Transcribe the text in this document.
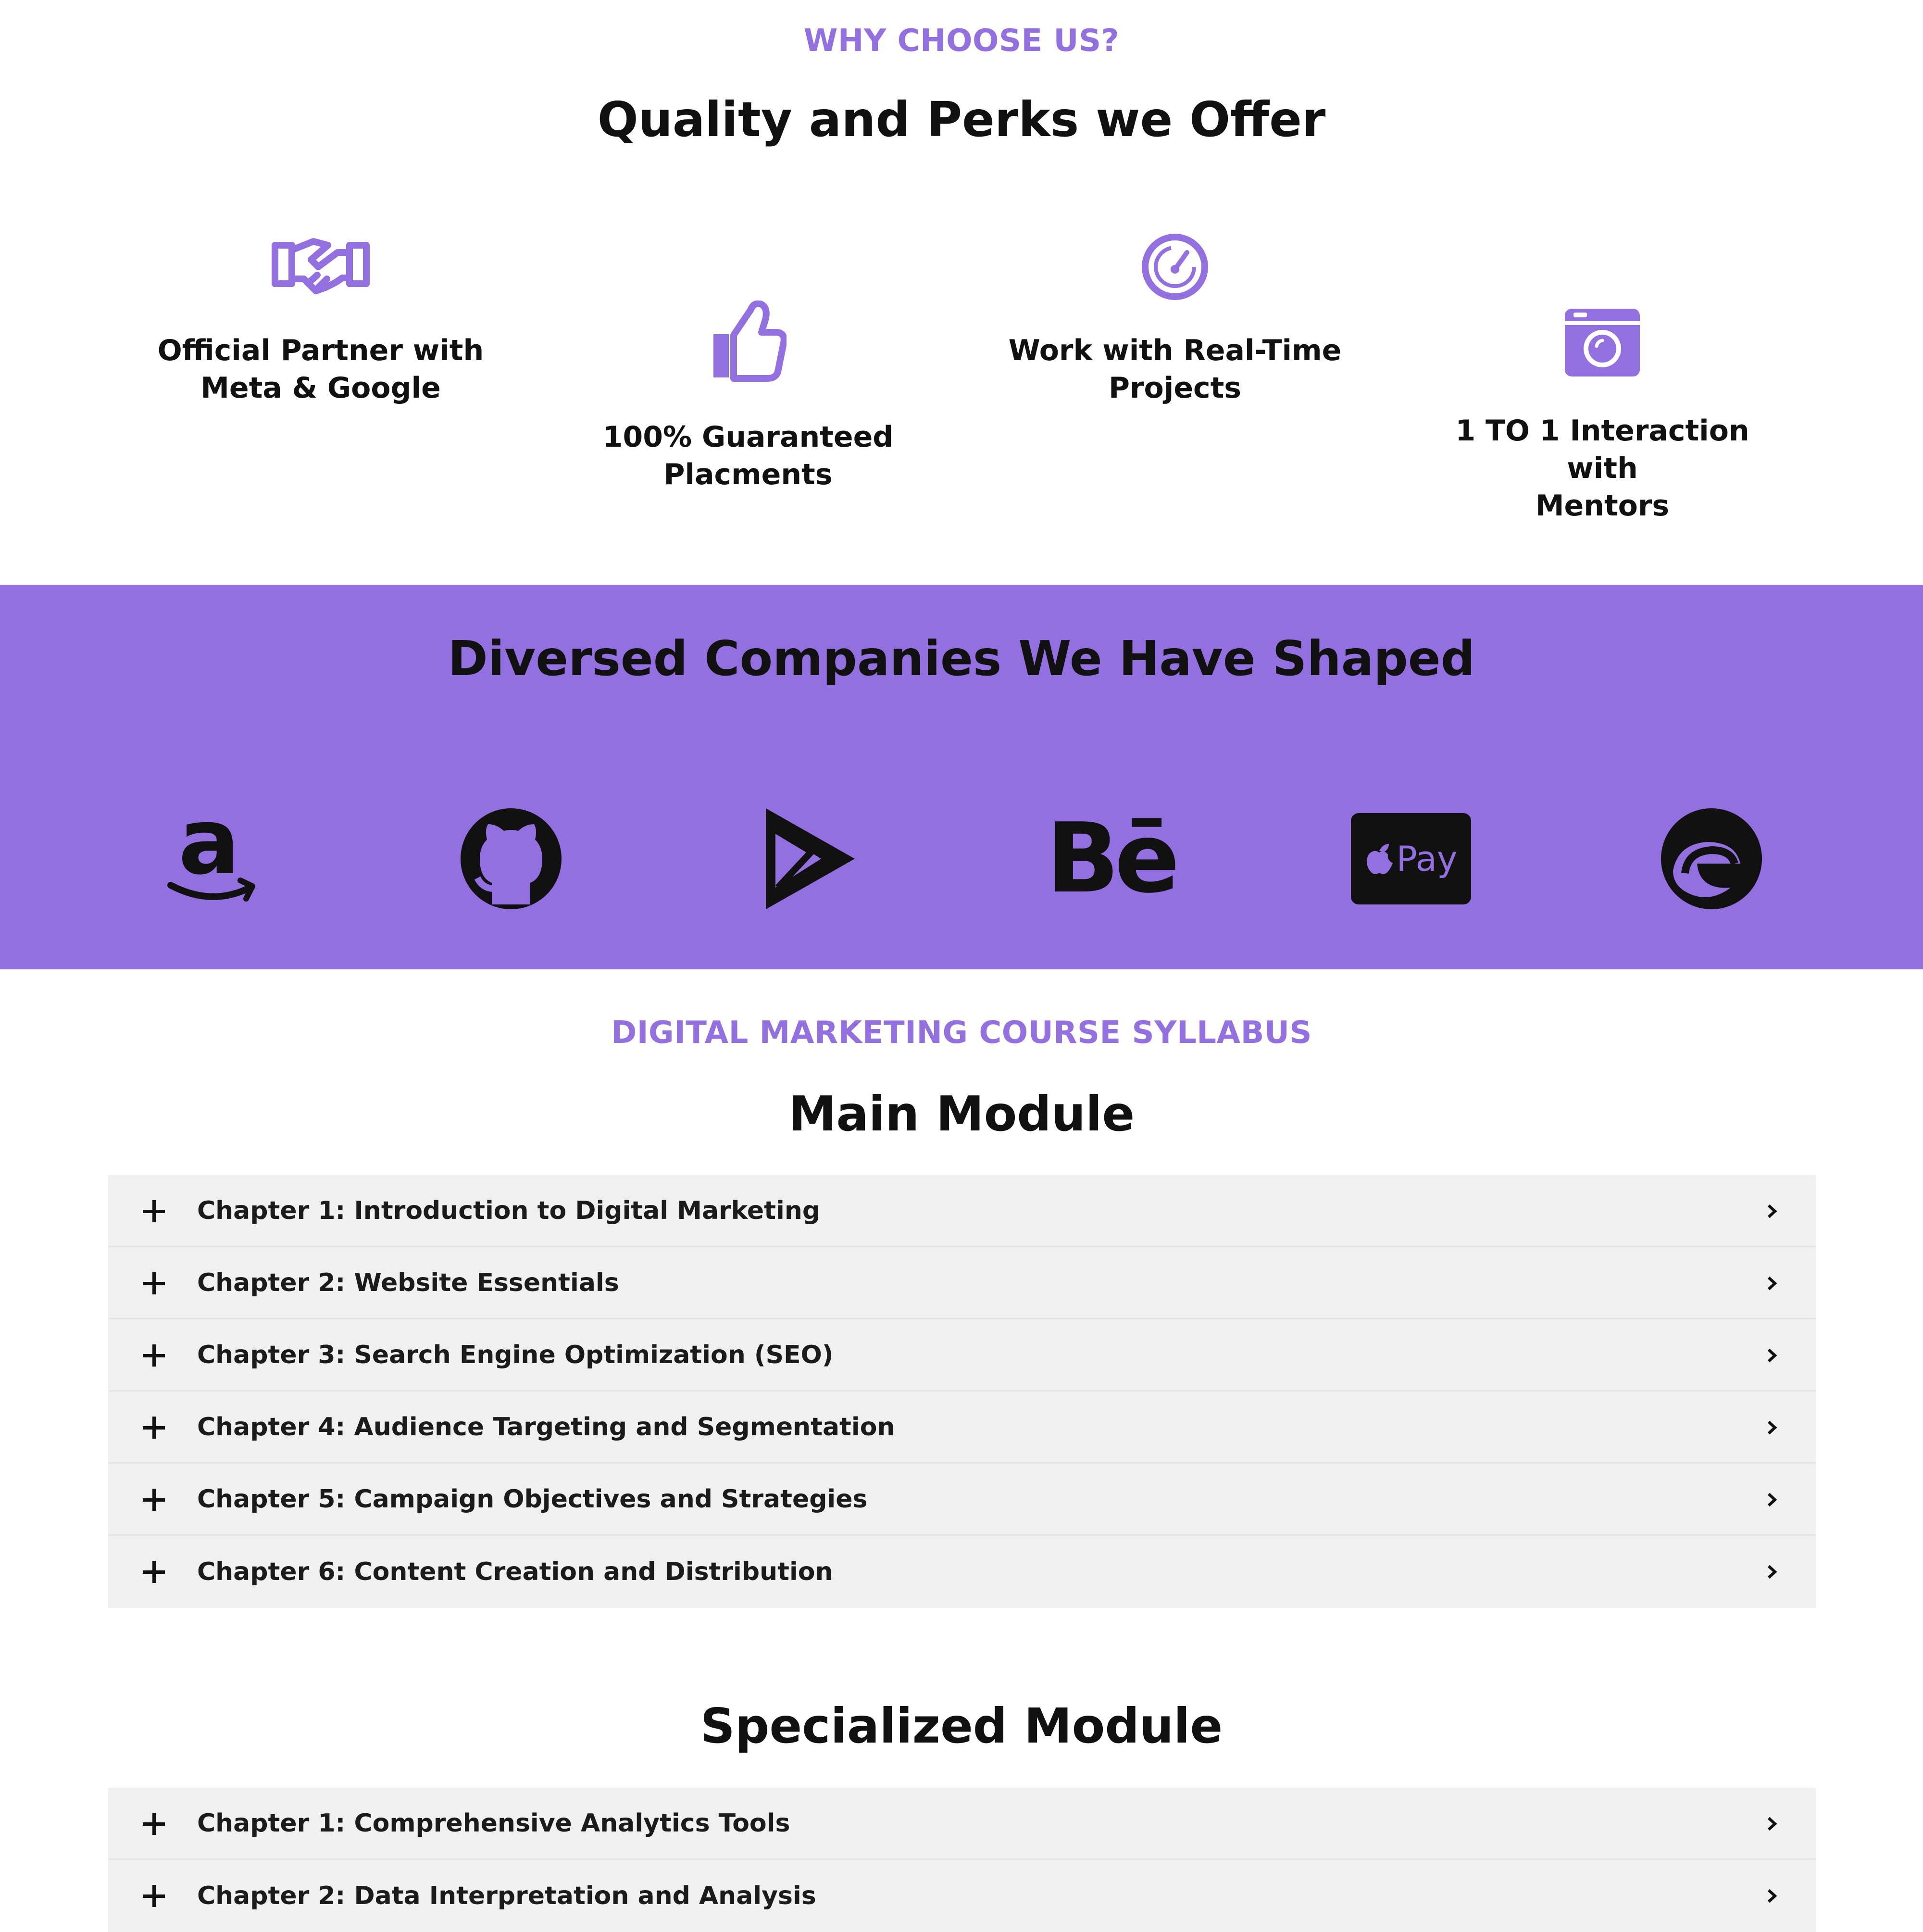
WHY CHOOSE US?
Quality and Perks we Offer
Official Partner with
Meta & Google
100% Guaranteed
Placments
Work with Real-Time
Projects
1 TO 1 Interaction with
Mentors
Diversed Companies We Have Shaped
a	Bē	Pay
DIGITAL MARKETING COURSE SYLLABUS
Main Module
Chapter 1: Introduction to Digital Marketing
Chapter 2: Website Essentials
Chapter 3: Search Engine Optimization (SEO)
Chapter 4: Audience Targeting and Segmentation
Chapter 5: Campaign Objectives and Strategies
Chapter 6: Content Creation and Distribution
Specialized Module
Chapter 1: Comprehensive Analytics Tools
Chapter 2: Data Interpretation and Analysis
